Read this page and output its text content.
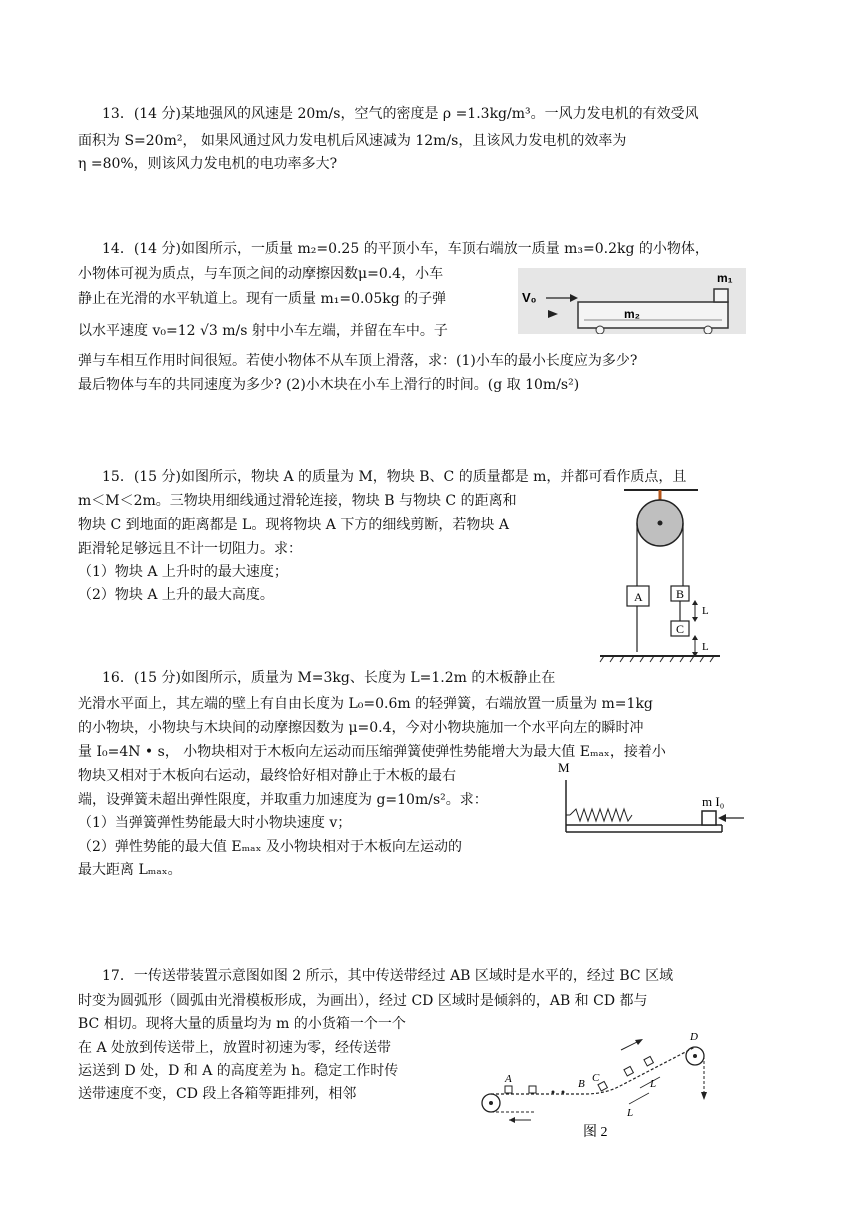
13．(14 分)某地强风的风速是 20m/s，空气的密度是 ρ =1.3kg/m³。一风力发电机的有效受风
面积为 S=20m²， 如果风通过风力发电机后风速减为 12m/s，且该风力发电机的效率为
η =80%，则该风力发电机的电功率多大?
14．(14 分)如图所示，一质量 m₂=0.25 的平顶小车，车顶右端放一质量 m₃=0.2kg 的小物体，
小物体可视为质点，与车顶之间的动摩擦因数μ=0.4，小车
静止在光滑的水平轨道上。现有一质量 m₁=0.05kg 的子弹
以水平速度 v₀=12 √3 m/s 射中小车左端，并留在车中。子
弹与车相互作用时间很短。若使小物体不从车顶上滑落，求：(1)小车的最小长度应为多少?
最后物体与车的共同速度为多少? (2)小木块在小车上滑行的时间。(g 取 10m/s²)
V₀
m₁
m₂
15．(15 分)如图所示，物块 A 的质量为 M，物块 B、C 的质量都是 m，并都可看作质点，且
m＜M＜2m。三物块用细线通过滑轮连接，物块 B 与物块 C 的距离和
物块 C 到地面的距离都是 L。现将物块 A 下方的细线剪断，若物块 A
距滑轮足够远且不计一切阻力。求：
（1）物块 A 上升时的最大速度；
（2）物块 A 上升的最大高度。	A	B
C
L
L
16．(15 分)如图所示，质量为 M=3kg、长度为 L=1.2m 的木板静止在
光滑水平面上，其左端的壁上有自由长度为 L₀=0.6m 的轻弹簧，右端放置一质量为 m=1kg
的小物块，小物块与木块间的动摩擦因数为 μ=0.4，今对小物块施加一个水平向左的瞬时冲
量 I₀=4N • s， 小物块相对于木板向左运动而压缩弹簧使弹性势能增大为最大值 Eₘₐₓ，接着小
物块又相对于木板向右运动，最终恰好相对静止于木板的最右
端，设弹簧未超出弹性限度，并取重力加速度为 g=10m/s²。求：
（1）当弹簧弹性势能最大时小物块速度 v；
（2）弹性势能的最大值 Eₘₐₓ 及小物块相对于木板向左运动的
最大距离 Lₘₐₓ。
M
m I₀
17．一传送带装置示意图如图 2 所示，其中传送带经过 AB 区域时是水平的，经过 BC 区域
时变为圆弧形（圆弧由光滑模板形成，为画出），经过 CD 区域时是倾斜的，AB 和 CD 都与
BC 相切。现将大量的质量均为 m 的小货箱一个一个
在 A 处放到传送带上，放置时初速为零，经传送带
运送到 D 处，D 和 A 的高度差为 h。稳定工作时传
送带速度不变，CD 段上各箱等距排列，相邻
A	B C
D
L
L
图 2
